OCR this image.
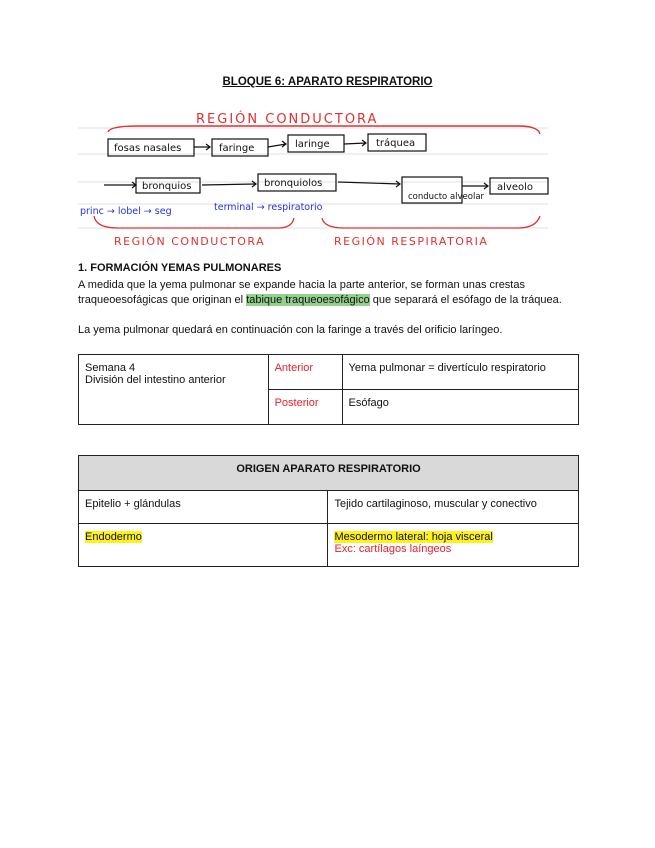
BLOQUE 6: APARATO RESPIRATORIO
REGIÓN CONDUCTORA
fosas nasales	faringe	laringe	tráquea
bronquios	bronquiolos
conducto alveolar
alveolo
princ → lobel → seg	terminal → respiratorio
REGIÓN CONDUCTORA	REGIÓN RESPIRATORIA
1. FORMACIÓN YEMAS PULMONARES
A medida que la yema pulmonar se expande hacia la parte anterior, se forman unas crestas traqueoesofágicas que originan el tabique traqueoesofágico que separará el esófago de la tráquea.
La yema pulmonar quedará en continuación con la faringe a través del orificio laríngeo.
Semana 4
División del intestino anterior	Anterior	Yema pulmonar = divertículo respiratorio
	Posterior	Esófago
ORIGEN APARATO RESPIRATORIO	
Epitelio + glándulas	Tejido cartilaginoso, muscular y conectivo
Endodermo	Mesodermo lateral: hoja visceral
Exc: cartílagos laíngeos
